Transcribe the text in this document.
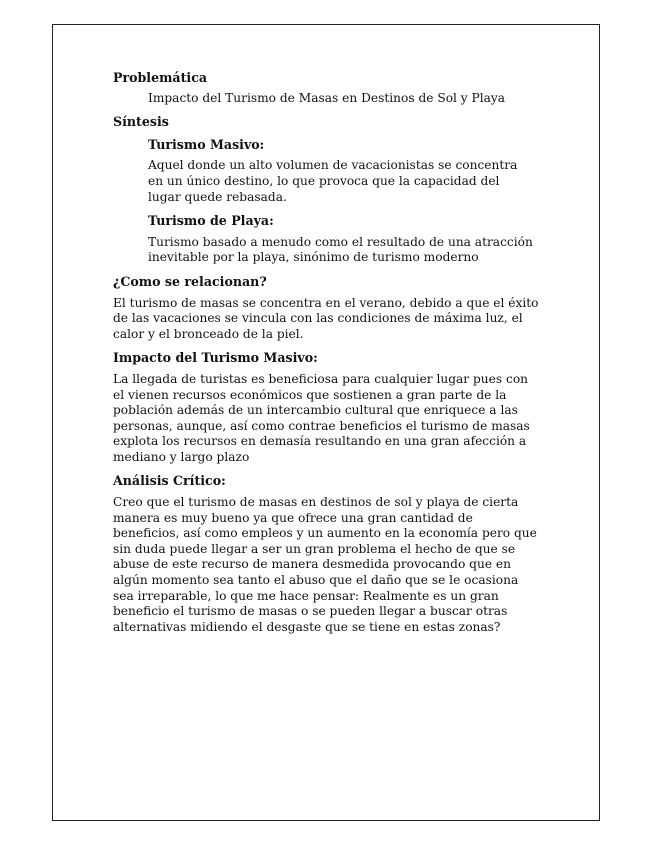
Problemática

Impacto del Turismo de Masas en Destinos de Sol y Playa

Síntesis

Turismo Masivo:

Aquel donde un alto volumen de vacacionistas se concentra en un único destino, lo que provoca que la capacidad del lugar quede rebasada.

Turismo de Playa:

Turismo basado a menudo como el resultado de una atracción inevitable por la playa, sinónimo de turismo moderno

¿Como se relacionan?

El turismo de masas se concentra en el verano, debido a que el éxito de las vacaciones se vincula con las condiciones de máxima luz, el calor y el bronceado de la piel.

Impacto del Turismo Masivo:

La llegada de turistas es beneficiosa para cualquier lugar pues con el vienen recursos económicos que sostienen a gran parte de la población además de un intercambio cultural que enriquece a las personas, aunque, así como contrae beneficios el turismo de masas explota los recursos en demasía resultando en una gran afección a mediano y largo plazo

Análisis Crítico:

Creo que el turismo de masas en destinos de sol y playa de cierta manera es muy bueno ya que ofrece una gran cantidad de beneficios, así como empleos y un aumento en la economía pero que sin duda puede llegar a ser un gran problema el hecho de que se abuse de este recurso de manera desmedida provocando que en algún momento sea tanto el abuso que el daño que se le ocasiona sea irreparable, lo que me hace pensar: Realmente es un gran beneficio el turismo de masas o se pueden llegar a buscar otras alternativas midiendo el desgaste que se tiene en estas zonas?
